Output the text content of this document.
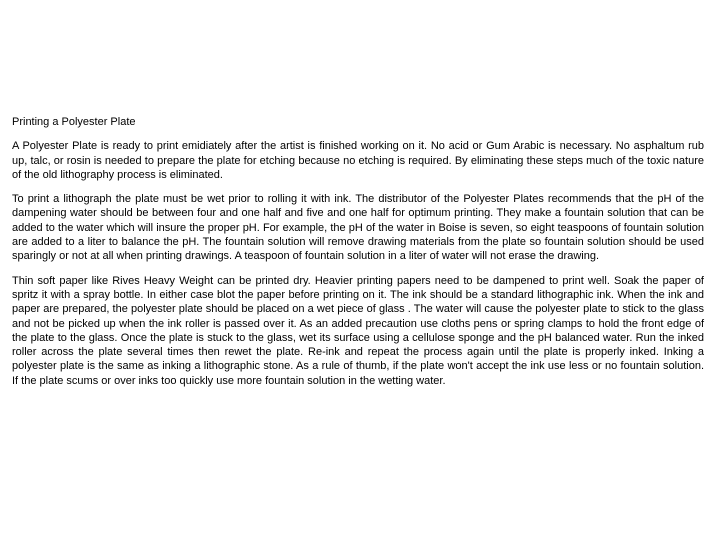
Printing a Polyester Plate

A Polyester Plate is ready to print emidiately after the artist is finished working on it. No acid or Gum Arabic is necessary. No asphaltum rub up, talc, or rosin is needed to prepare the plate for etching because no etching is required. By eliminating these steps much of the toxic nature of the old lithography process is eliminated.

To print a lithograph the plate must be wet prior to rolling it with ink. The distributor of the Polyester Plates recommends that the pH of the dampening water should be between four and one half and five and one half for optimum printing. They make a fountain solution that can be added to the water which will insure the proper pH. For example, the pH of the water in Boise is seven, so eight teaspoons of fountain solution are added to a liter to balance the pH. The fountain solution will remove drawing materials from the plate so fountain solution should be used sparingly or not at all when printing drawings. A teaspoon of fountain solution in a liter of water will not erase the drawing.

Thin soft paper like Rives Heavy Weight can be printed dry. Heavier printing papers need to be dampened to print well. Soak the paper of spritz it with a spray bottle. In either case blot the paper before printing on it. The ink should be a standard lithographic ink. When the ink and paper are prepared, the polyester plate should be placed on a wet piece of glass . The water will cause the polyester plate to stick to the glass and not be picked up when the ink roller is passed over it. As an added precaution use cloths pens or spring clamps to hold the front edge of the plate to the glass. Once the plate is stuck to the glass, wet its surface using a cellulose sponge and the pH balanced water. Run the inked roller across the plate several times then rewet the plate. Re-ink and repeat the process again until the plate is properly inked. Inking a polyester plate is the same as inking a lithographic stone. As a rule of thumb, if the plate won't accept the ink use less or no fountain solution. If the plate scums or over inks too quickly use more fountain solution in the wetting water.
